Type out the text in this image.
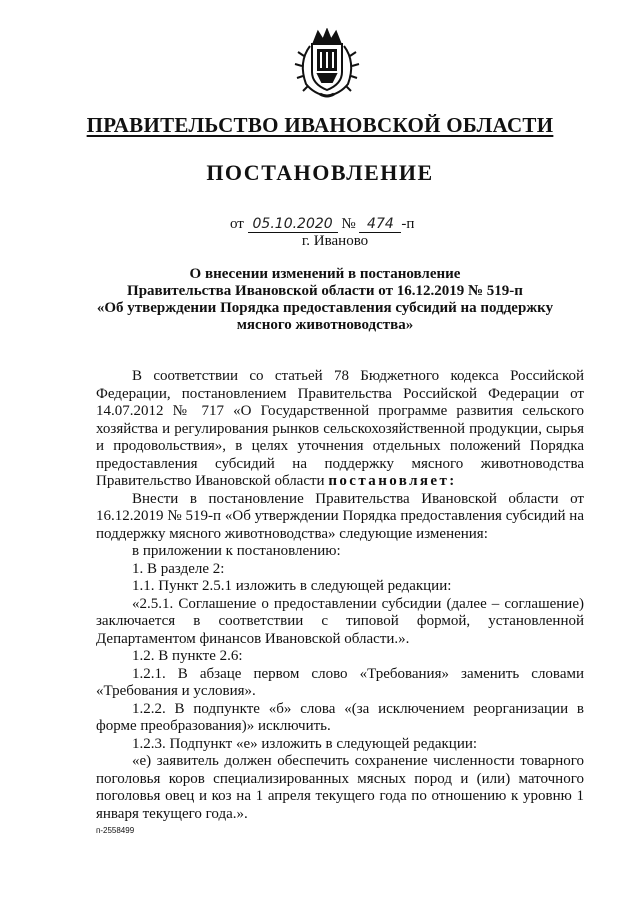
ПРАВИТЕЛЬСТВО ИВАНОВСКОЙ ОБЛАСТИ
ПОСТАНОВЛЕНИЕ
от 05.10.2020 № 474 -п
г. Иваново
О внесении изменений в постановление
Правительства Ивановской области от 16.12.2019 № 519-п
«Об утверждении Порядка предоставления субсидий на поддержку
мясного животноводства»

В соответствии со статьей 78 Бюджетного кодекса Российской Федерации, постановлением Правительства Российской Федерации от 14.07.2012 № 717 «О Государственной программе развития сельского хозяйства и регулирования рынков сельскохозяйственной продукции, сырья и продовольствия», в целях уточнения отдельных положений Порядка предоставления субсидий на поддержку мясного животноводства Правительство Ивановской области постановляет:

Внести в постановление Правительства Ивановской области от 16.12.2019 № 519-п «Об утверждении Порядка предоставления субсидий на поддержку мясного животноводства» следующие изменения:

в приложении к постановлению:

1. В разделе 2:

1.1. Пункт 2.5.1 изложить в следующей редакции:

«2.5.1. Соглашение о предоставлении субсидии (далее – соглашение) заключается в соответствии с типовой формой, установленной Департаментом финансов Ивановской области.».

1.2. В пункте 2.6:

1.2.1. В абзаце первом слово «Требования» заменить словами «Требования и условия».

1.2.2. В подпункте «б» слова «(за исключением реорганизации в форме преобразования)» исключить.

1.2.3. Подпункт «е» изложить в следующей редакции:

«е) заявитель должен обеспечить сохранение численности товарного поголовья коров специализированных мясных пород и (или) маточного поголовья овец и коз на 1 апреля текущего года по отношению к уровню 1 января текущего года.».

п-2558499
